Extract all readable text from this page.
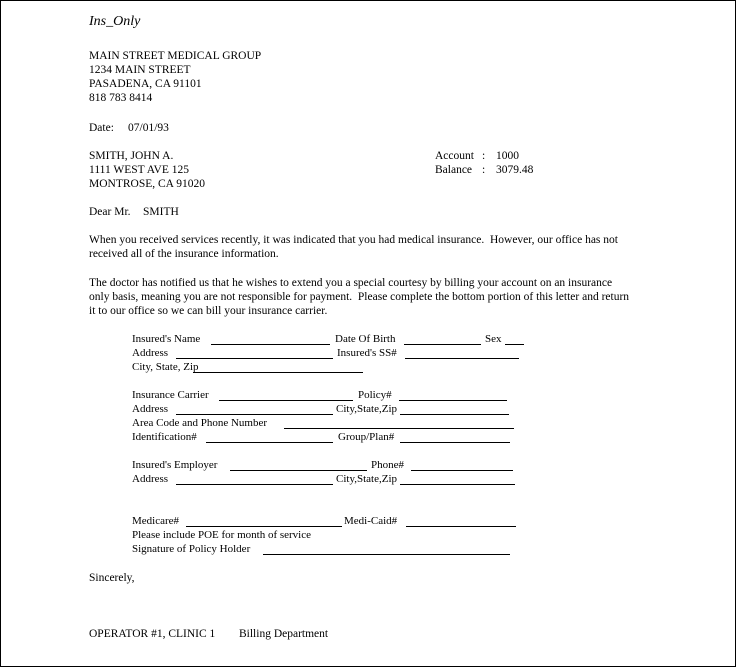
Ins_Only
MAIN STREET MEDICAL GROUP
1234 MAIN STREET
PASADENA, CA 91101
818 783 8414
Date: 07/01/93
SMITH, JOHN A.
1111 WEST AVE 125
MONTROSE, CA 91020
Account : 1000
Balance : 3079.48
Dear Mr. SMITH
When you received services recently, it was indicated that you had medical insurance.  However, our office has not
received all of the insurance information.
The doctor has notified us that he wishes to extend you a special courtesy by billing your account on an insurance
only basis, meaning you are not responsible for payment.  Please complete the bottom portion of this letter and return
it to our office so we can bill your insurance carrier.
Insured's Name	Date Of Birth	Sex
Address	Insured's SS#
City, State, Zip
Insurance Carrier	Policy#
Address	City,State,Zip
Area Code and Phone Number
Identification#	Group/Plan#
Insured's Employer	Phone#
Address	City,State,Zip
Medicare#	Medi-Caid#
Please include POE for month of service
Signature of Policy Holder
Sincerely,
OPERATOR #1, CLINIC 1 Billing Department
